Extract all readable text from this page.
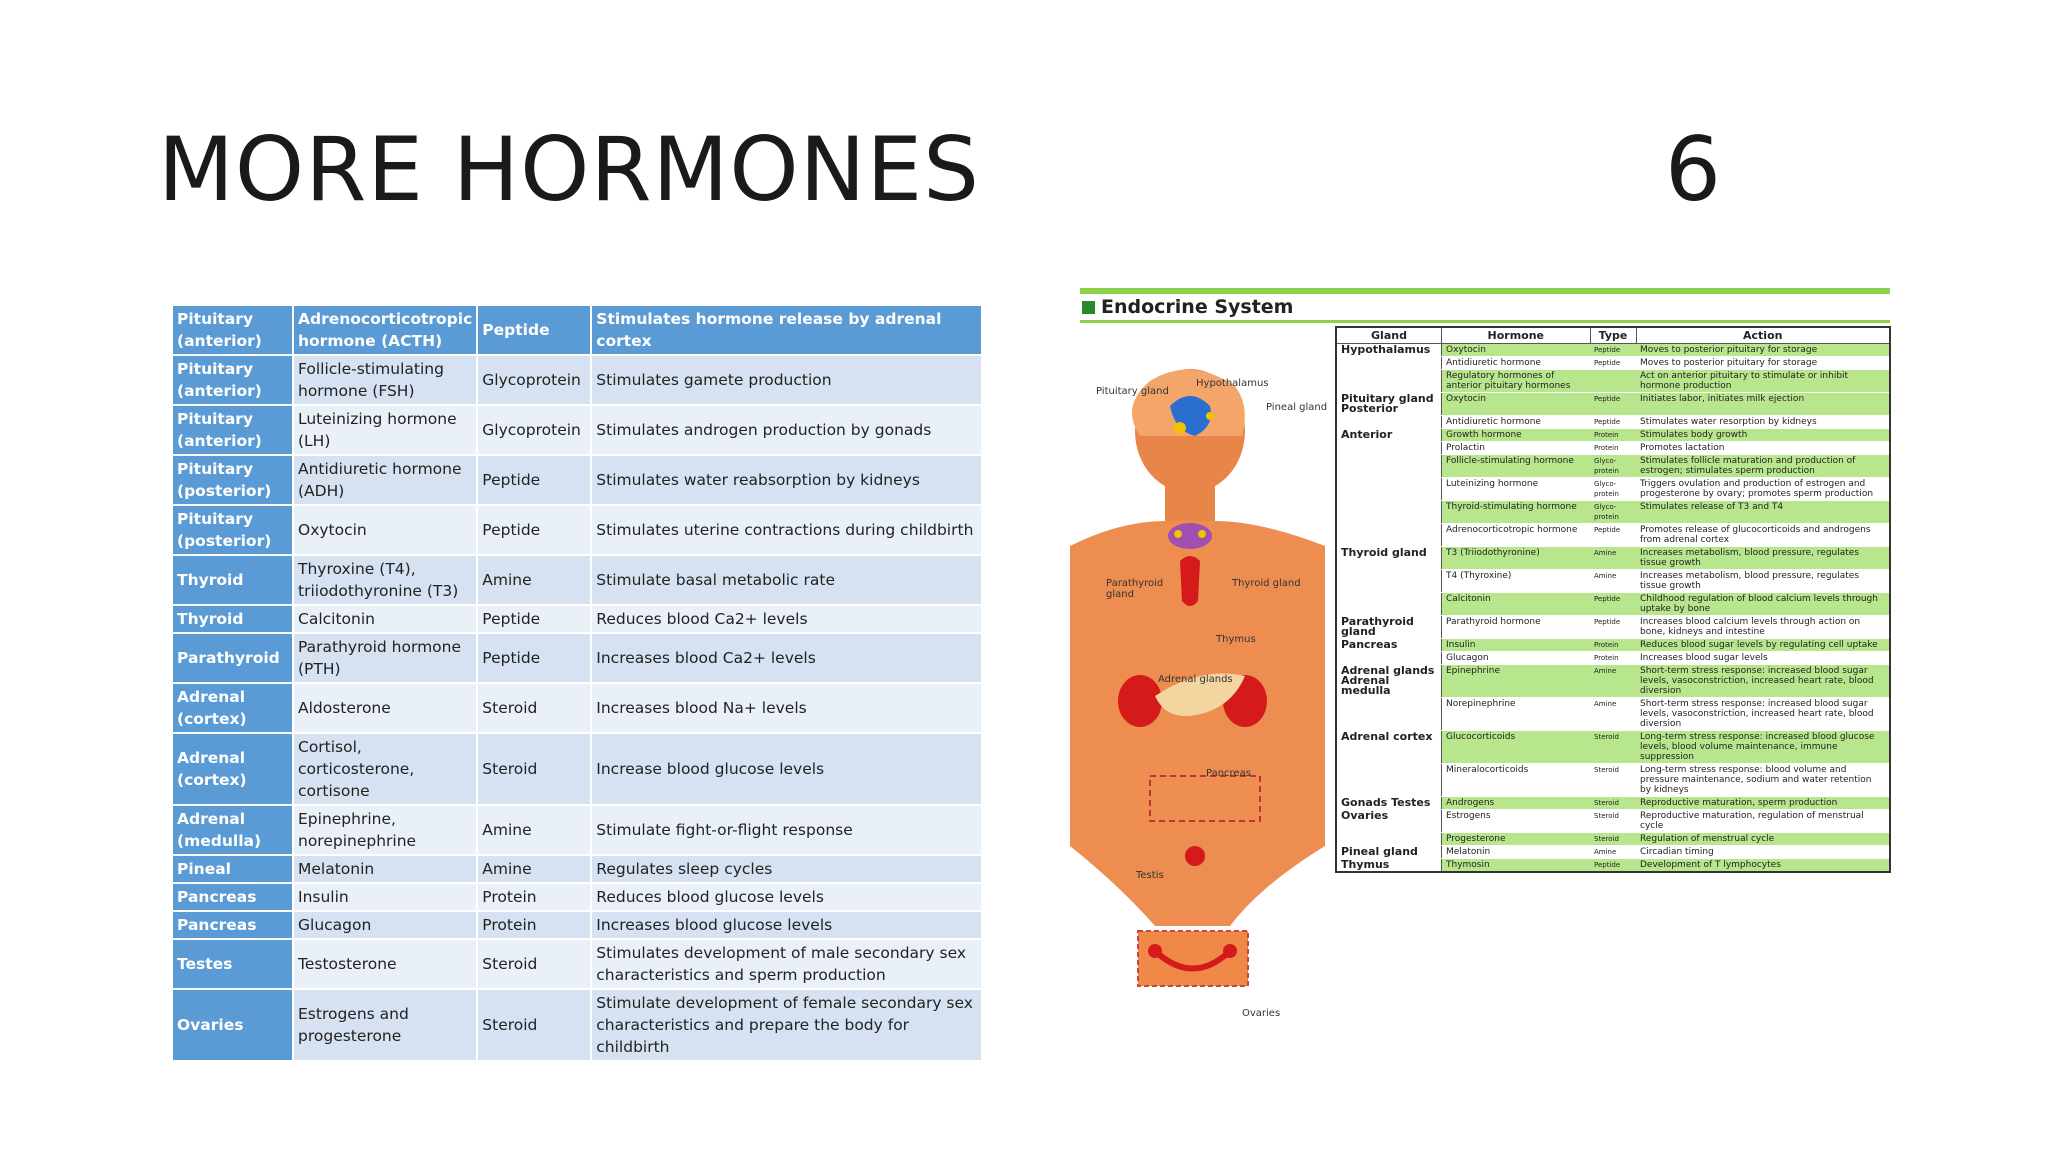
MORE HORMONES	6
Pituitary (anterior)	Adrenocorticotropic hormone (ACTH)	Peptide	Stimulates hormone release by adrenal cortex
Pituitary (anterior)	Follicle-stimulating hormone (FSH)	Glycoprotein	Stimulates gamete production
Pituitary (anterior)	Luteinizing hormone (LH)	Glycoprotein	Stimulates androgen production by gonads
Pituitary (posterior)	Antidiuretic hormone (ADH)	Peptide	Stimulates water reabsorption by kidneys
Pituitary (posterior)	Oxytocin	Peptide	Stimulates uterine contractions during childbirth
Thyroid	Thyroxine (T4), triiodothyronine (T3)	Amine	Stimulate basal metabolic rate
Thyroid	Calcitonin	Peptide	Reduces blood Ca2+ levels
Parathyroid	Parathyroid hormone (PTH)	Peptide	Increases blood Ca2+ levels
Adrenal (cortex)	Aldosterone	Steroid	Increases blood Na+ levels
Adrenal (cortex)	Cortisol, corticosterone, cortisone	Steroid	Increase blood glucose levels
Adrenal (medulla)	Epinephrine, norepinephrine	Amine	Stimulate fight-or-flight response
Pineal	Melatonin	Amine	Regulates sleep cycles
Pancreas	Insulin	Protein	Reduces blood glucose levels
Pancreas	Glucagon	Protein	Increases blood glucose levels
Testes	Testosterone	Steroid	Stimulates development of male secondary sex characteristics and sperm production
Ovaries	Estrogens and progesterone	Steroid	Stimulate development of female secondary sex characteristics and prepare the body for childbirth
Endocrine System
Pituitary gland
Hypothalamus
Pineal gland
Parathyroid gland
Thyroid gland
Thymus
Adrenal glands
Pancreas
Testis
Ovaries
Gland	Hormone	Type	Action
Hypothalamus	Oxytocin	Peptide	Moves to posterior pituitary for storage
	Antidiuretic hormone	Peptide	Moves to posterior pituitary for storage
	Regulatory hormones of anterior pituitary hormones		Act on anterior pituitary to stimulate or inhibit hormone production
Pituitary gland Posterior	Oxytocin	Peptide	Initiates labor, initiates milk ejection
	Antidiuretic hormone	Peptide	Stimulates water resorption by kidneys
Anterior	Growth hormone	Protein	Stimulates body growth
	Prolactin	Protein	Promotes lactation
	Follicle-stimulating hormone	Glyco-protein	Stimulates follicle maturation and production of estrogen; stimulates sperm production
	Luteinizing hormone	Glyco-protein	Triggers ovulation and production of estrogen and progesterone by ovary; promotes sperm production
	Thyroid-stimulating hormone	Glyco-protein	Stimulates release of T3 and T4
	Adrenocorticotropic hormone	Peptide	Promotes release of glucocorticoids and androgens from adrenal cortex
Thyroid gland	T3 (Triiodothyronine)	Amine	Increases metabolism, blood pressure, regulates tissue growth
	T4 (Thyroxine)	Amine	Increases metabolism, blood pressure, regulates tissue growth
	Calcitonin	Peptide	Childhood regulation of blood calcium levels through uptake by bone
Parathyroid gland	Parathyroid hormone	Peptide	Increases blood calcium levels through action on bone, kidneys and intestine
Pancreas	Insulin	Protein	Reduces blood sugar levels by regulating cell uptake
	Glucagon	Protein	Increases blood sugar levels
Adrenal glands Adrenal medulla	Epinephrine	Amine	Short-term stress response: increased blood sugar levels, vasoconstriction, increased heart rate, blood diversion
	Norepinephrine	Amine	Short-term stress response: increased blood sugar levels, vasoconstriction, increased heart rate, blood diversion
Adrenal cortex	Glucocorticoids	Steroid	Long-term stress response: increased blood glucose levels, blood volume maintenance, immune suppression
	Mineralocorticoids	Steroid	Long-term stress response: blood volume and pressure maintenance, sodium and water retention by kidneys
Gonads Testes	Androgens	Steroid	Reproductive maturation, sperm production
Ovaries	Estrogens	Steroid	Reproductive maturation, regulation of menstrual cycle
	Progesterone	Steroid	Regulation of menstrual cycle
Pineal gland	Melatonin	Amine	Circadian timing
Thymus	Thymosin	Peptide	Development of T lymphocytes
